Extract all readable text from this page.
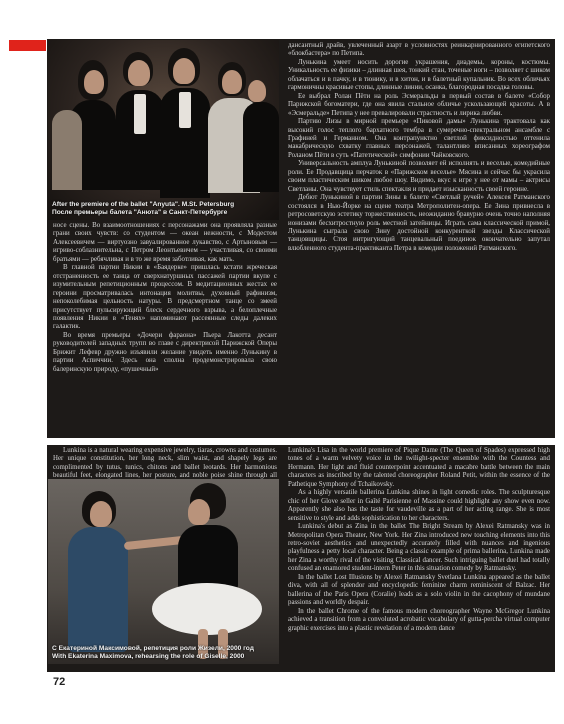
After the premiere of the ballet "Anyuta". M.St. Petersburg
После премьеры балета "Анюта" в Санкт-Петербурге

носе сцены. Во взаимоотношениях с персонажами она проявляла разные грани своих чувств: со студентом — океан нежности, с Модестом Алексеевичем — виртуозно завуалированное лукавство, с Артыновым — игриво-соблазнительна, с Петром Леонтьевичем — участливая, со своими братьями — ребячливая и в то же время заботливая, как мать.

В главной партии Никии в «Баядерке» пришлась кстати жреческая отстраненность ее танца от сверхнатуршных пассажей партии вкупе с изумительным репетиционным процессом. В медитационных жестах ее героини просматривалась интонация молитвы, духовный рафинизм, непоколебимая цельность натуры. В предсмертном танце со змеей присутствует пульсирующий блеск сердечного взрыва, а белоплечные появления Никии в «Тенях» напоминают рассеянные следы далеких галактик.

Во время премьеры «Дочери фараона» Пьера Лакотта десант руководителей западных трупп во главе с директрисой Парижской Оперы Брижит Лефевр дружно изъявили желание увидеть именно Лунькину в партии Аспиччии. Здесь она сполна продемонстрировала свою балеринскую природу, «пушечный»

дансантный драйв, увлеченный азарт в условностях реинкарнированного египетского «блокбастера» по Петипа.

Лунькина умеет носить дорогие украшения, диадемы, короны, костюмы. Уникальность ее физики – длинная шея, тонкий стан, точеные ноги – позволяет с шиком облачаться и в пачку, и в тюнику, и в хитон, и в балетный купальник. Во всех обличьях гармоничны красивые стопы, длинные линии, осанка, благородная посадка головы.

Ее выбрал Ролан Пёти на роль Эсмеральды в первый состав в балете «Собор Парижской богоматери, где она явила стальное обличье ускользающей красоты. А в «Эсмеральде» Петипа у нее превалировали страстность и лирика любви.

Партию Лизы в мирной премьере «Пиковой дамы» Лунькина трактовала как высокий голос теплого бархатного тембра в сумеречно-спектральном ансамбле с Графиней и Германном. Она контрапунктно светлой фиксидностью оттенила макабрическую схватку главных персонажей, талантливо вписанных хореографом Роланом Пёти в суть «Патетической» симфонии Чайковского.

Универсальность амплуа Лунькиной позволяет ей исполнять и веселые, комедийные роли. Ее Продавщица перчаток в «Парижском веселье» Мясина и сейчас бы украсила своим пластическим шиком любое шоу. Видимо, вкус к игре у нее от мамы – актрисы Светланы. Она чувствует стиль спектакля и придает изысканность своей героине.

Дебют Лунькиной в партии Зины в балете «Светлый ручей» Алексея Ратманского состоялся в Нью-Йорке на сцене театра Метрополитен-опера. Ее Зина привнесла в ретросоветскую эстетику торжественность, неожиданно бравурно очень точно наполняя ионизами бесхитростную роль местной затейницы. Играть сама классической примой, Лунькина сыграла свою Зину достойной конкуренткой звезды Классической танцовщицы. Стоя интригующий танцевальный поединок окончательно запутал влюбленного студента-практиканта Петра в комедии положений Ратманского.

Lunkina is a natural wearing expensive jewelry, tiaras, crowns and costumes. Her unique constitution, her long neck, slim waist, and shapely legs are complimented by tutus, tunics, chitons and ballet leotards. Her harmonious beautiful feet, elongated lines, her posture, and noble poise shine through all

С Екатериной Максимовой, репетиция роли Жизели, 2000 год
With Ekaterina Maximova, rehearsing the role of Giselle, 2000

Lunkina's Lisa in the world premiere of Pique Dame (The Queen of Spades) expressed high tones of a warm velvety voice in the twilight-specter ensemble with the Countess and Hermann. Her light and fluid counterpoint accentuated a macabre battle between the main characters as inscribed by the talented choreographer Roland Petit, within the essence of the Pathetique Symphony of Tchaikovsky.

As a highly versatile ballerina Lunkina shines in light comedic roles. The sculpturesque chic of her Glove seller in Gaîté Parisienne of Massine could highlight any show even now. Apparently she also has the taste for vaudeville as a part of her acting range. She is most sensitive to style and adds sophistication to her characters.

Lunkina's debut as Zina in the ballet The Bright Stream by Alexei Ratmansky was in Metropolitan Opera Theater, New York. Her Zina introduced new touching elements into this retro-soviet aesthetics and unexpectedly accurately filled with nuances and ingenious playfulness a petty local character. Being a classic example of prima ballerina, Lunkina made her Zina a worthy rival of the visiting Classical dancer. Such intriguing ballet duel had totally confused an enamored student-intern Peter in this situation comedy by Ratmansky.

In the ballet Lost Illusions by Alexei Ratmansky Svetlana Lunkina appeared as the ballet diva, with all of splendor and encyclopedic feminine charm reminiscent of Balzac. Her ballerina of the Paris Opera (Coralie) leads as a solo violin in the cacophony of mundane passions and worldly despair.

In the ballet Chrome of the famous modern choreographer Wayne McGregor Lunkina achieved a transition from a convoluted acrobatic vocabulary of gutta-percha virtual computer graphic exercises into a plastic revelation of a modern dance

72
